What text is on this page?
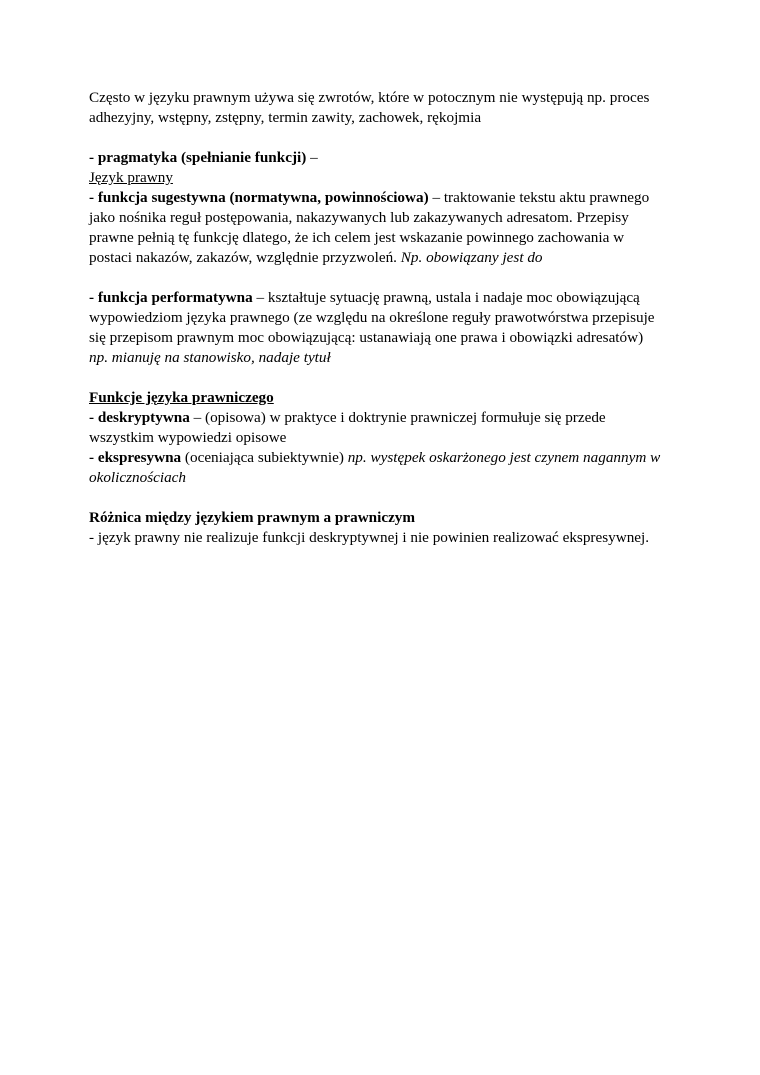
Często w języku prawnym używa się zwrotów, które w potocznym nie występują np. proces
adhezyjny, wstępny, zstępny, termin zawity, zachowek, rękojmia

- pragmatyka (spełnianie funkcji) –

Język prawny

- funkcja sugestywna (normatywna, powinnościowa) – traktowanie tekstu aktu prawnego
jako nośnika reguł postępowania, nakazywanych lub zakazywanych adresatom. Przepisy
prawne pełnią tę funkcję dlatego, że ich celem jest wskazanie powinnego zachowania w
postaci nakazów, zakazów, względnie przyzwoleń. Np. obowiązany jest do

- funkcja performatywna – kształtuje sytuację prawną, ustala i nadaje moc obowiązującą
wypowiedziom języka prawnego (ze względu na określone reguły prawotwórstwa przepisuje
się przepisom prawnym moc obowiązującą: ustanawiają one prawa i obowiązki adresatów)
np. mianuję na stanowisko, nadaje tytuł

Funkcje języka prawniczego

- deskryptywna – (opisowa) w praktyce i doktrynie prawniczej formułuje się przede
wszystkim wypowiedzi opisowe

- ekspresywna (oceniająca subiektywnie) np. występek oskarżonego jest czynem nagannym w
okolicznościach

Różnica między językiem prawnym a prawniczym

- język prawny nie realizuje funkcji deskryptywnej i nie powinien realizować ekspresywnej.
